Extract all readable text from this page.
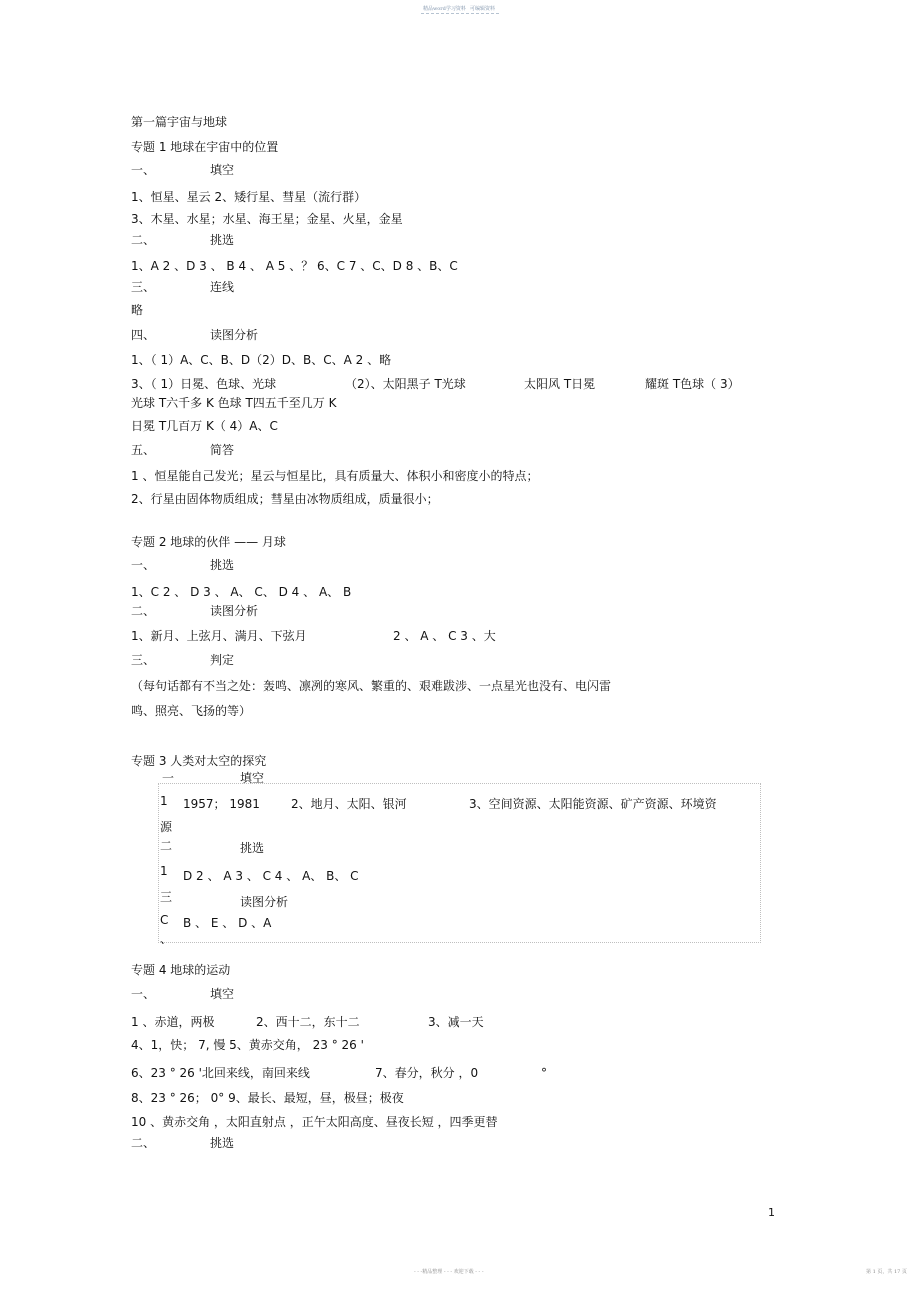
精品word学习资料 可编辑资料
第一篇宇宙与地球
专题 1 地球在宇宙中的位置
一、	填空
1、恒星、星云 2、矮行星、彗星（流行群）
3、木星、水星；水星、海王星；金星、火星，金星
二、	挑选
1、A 2 、D 3 、 B 4 、 A 5 、？ 6、C 7 、C、D 8 、B、C
三、	连线
略
四、	读图分析
1、（ 1）A、C、B、D（2）D、B、C、A 2 、略
3、（ 1）日冕、色球、光球	（2）、太阳黑子 T光球	太阳风 T日冕	耀斑 T色球（ 3）
光球 T六千多 K 色球 T四五千至几万 K
日冕 T几百万 K（ 4）A、C
五、	简答
1 、恒星能自己发光；星云与恒星比，具有质量大、体积小和密度小的特点；
2、行星由固体物质组成；彗星由冰物质组成，质量很小；
专题 2 地球的伙伴 —— 月球
一、	挑选
1、C 2 、 D 3 、 A、 C、 D 4 、 A、 B
二、	读图分析
1、新月、上弦月、满月、下弦月	2 、 A 、 C 3 、大
三、	判定
（每句话都有不当之处：轰鸣、凛冽的寒风、繁重的、艰难跋涉、一点星光也没有、电闪雷
鸣、照亮、飞扬的等）
专题 3 人类对太空的探究
一	填空
1 1957； 1981	2、地月、太阳、银河	3、空间资源、太阳能资源、矿产资源、环境资
源
二	挑选
1 D 2 、 A 3 、 C 4 、 A、 B、 C
三	读图分析
C B 、 E 、 D 、A
、
专题 4 地球的运动
一、	填空
1 、赤道，两极	2、西十二，东十二	3、减一天
4、1，快； 7, 慢 5、黄赤交角， 23 ° 26 '
6、23 ° 26 '北回来线，南回来线	7、春分，秋分 ，0	°
8、23 ° 26； 0° 9、最长、最短，昼，极昼；极夜
10 、黄赤交角 ，太阳直射点 ，正午太阳高度、昼夜长短 ，四季更替
二、	挑选
1
- - -精品整理 - - - 欢迎下载 - - -	第 1 页，共 17 页
